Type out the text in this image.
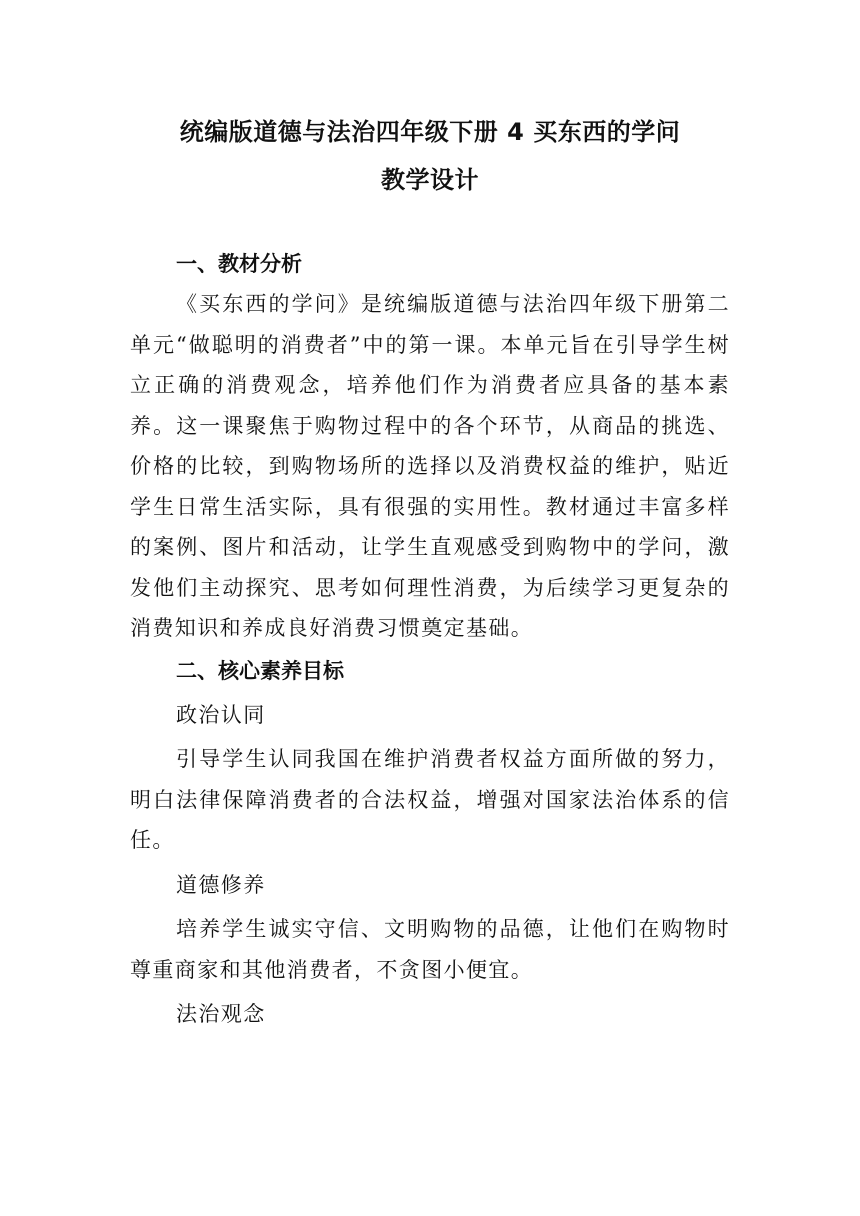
统编版道德与法治四年级下册 4 买东西的学问

教学设计

一、教材分析

《买东西的学问》是统编版道德与法治四年级下册第二单元“做聪明的消费者”中的第一课。本单元旨在引导学生树立正确的消费观念，培养他们作为消费者应具备的基本素养。这一课聚焦于购物过程中的各个环节，从商品的挑选、价格的比较，到购物场所的选择以及消费权益的维护，贴近学生日常生活实际，具有很强的实用性。教材通过丰富多样的案例、图片和活动，让学生直观感受到购物中的学问，激发他们主动探究、思考如何理性消费，为后续学习更复杂的消费知识和养成良好消费习惯奠定基础。

二、核心素养目标

政治认同

引导学生认同我国在维护消费者权益方面所做的努力，明白法律保障消费者的合法权益，增强对国家法治体系的信任。

道德修养

培养学生诚实守信、文明购物的品德，让他们在购物时尊重商家和其他消费者，不贪图小便宜。

法治观念
